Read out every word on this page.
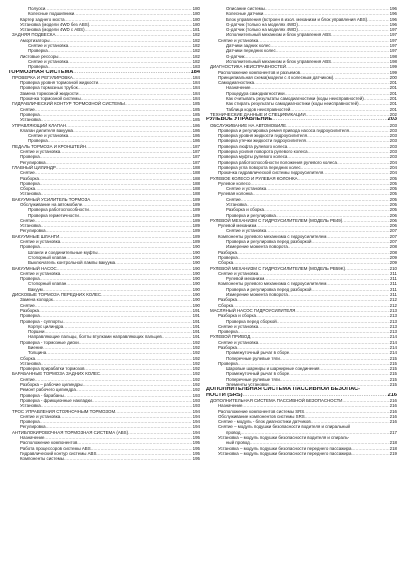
Полуоси .....	180
Колесные подшипники .....	180
Картер заднего моста .....	180
Установка (модели 4WD без ABS) .....	180
Установка (модели 4WD с ABS) .....	181
ЗАДНЯЯ ПОДВЕСКА .....	182
Амортизаторы .....	182
Снятие и установка .....	182
Проверка .....	182
Листовые рессоры .....	182
Снятие и установка .....	182
Проверка .....	183
ТОРМОЗНАЯ СИСТЕМА .....	184
ПРОВЕРКА И РЕГУЛИРОВКА .....	184
Проверка уровня тормозной жидкости .....	184
Проверка тормозных трубок .....	184
Замена тормозной жидкости .....	184
Прокачка тормозной системы .....	184
ГИДРАВЛИЧЕСКИЙ КОНТУР ТОРМОЗНОЙ СИСТЕМЫ .....	185
Снятие .....	185
Проверка .....	185
Установка .....	185
УПРАВЛЯЮЩИЙ КЛАПАН .....	186
Клапан дилителя вакуума .....	186
Снятие и установка .....	186
Проверка .....	186
ПЕДАЛЬ ТОРМОЗА И КРОНШТЕЙН .....	187
Снятие и установка .....	187
Проверка .....	187
Регулировка .....	187
ГЛАВНЫЙ ЦИЛИНДР .....	188
Снятие .....	188
Разборка .....	188
Проверка .....	188
Сборка .....	188
Установка .....	188
ВАКУУМНЫЙ УСИЛИТЕЛЬ ТОРМОЗА .....	189
Обслуживание на автомобиле .....	189
Проверка работоспособности .....	189
Проверка герметичности .....	189
Снятие .....	189
Установка .....	189
Регулировка .....	189
ВАКУУМНЫЕ ШЛАНГИ .....	189
Снятие и установка .....	189
Проверка .....	190
Шланги и соединительные муфты .....	190
Стопорный клапан .....	190
Выключатель контрольной лампы вакуума .....	190
ВАКУУМНЫЙ НАСОС .....	190
Снятие и установка .....	190
Проверка .....	190
Стопорный клапан .....	190
Вакуум .....	190
ДИСКОВЫЕ ТОРМОЗА ПЕРЕДНИХ КОЛЕС .....	190
Замена колодок .....	190
Снятие .....	190
Разборка .....	191
Проверка .....	191
Проверка - суппорты .....	191
Корпус цилиндра .....	191
Поршни .....	191
Направляющие пальцы, болты втулками направляющих пальцев .....	191
Проверка - тормозные диски .....	192
Биение .....	192
Толщина .....	192
Сборка .....	192
Установка .....	192
Проверка прирабатки тормозов .....	192
БАРАБАННЫЕ ТОРМОЗА ЗАДНИХ КОЛЕС .....	192
Снятие .....	192
Разборка – рабочие цилиндры .....	192
Ремонт рабочего цилиндра .....	192
Проверка - барабаны .....	193
Проверка - фрикционные накладки .....	193
Установка .....	193
ТРОС УПРАВЛЕНИЯ СТОЯНОЧНЫМ ТОРМОЗОМ .....	194
Снятие и установка .....	194
Проверка .....	194
Регулировка .....	194
АНТИБЛОКИРОВОЧНАЯ ТОРМОЗНАЯ СИСТЕМА (ABS) .....	194
Назначение .....	195
Расположение компонентов .....	195
Работа процессоров системы ABS .....	195
Гидравлический контур системы ABS .....	195
Компоненты системы .....	195
Описание системы .....	196
Колесные датчики .....	196
Блок управления (встроен в изол. механизм и блок управления ABS) .....	196
G-датчик (только на моделях 4WD) .....	196
G-датчик (только на моделях 4WD) .....	197
Исполнительный механизм и блок управления ABS .....	197
Снятие и установка .....	197
Датчики задних колес .....	197
Датчики передних колес .....	197
G-датчик .....	198
Исполнительный механизм и блок управления ABS .....	198
ДИАГНОСТИКА НЕИСПРАВНОСТЕЙ .....	199
Расположение компонентов и разъемов .....	199
Принципиальная схема(модели с 4 колесным датчиком) .....	200
Самодиагностика .....	201
Назначение .....	201
Процедура самодиагностики .....	201
Как считывать результаты самодиагностики (коды неисправностей) .....	201
Как стирать результаты самодиагностики (коды неисправностей) .....	201
Таблица кодов неисправностей .....	201
ТЕХНИЧЕСКИЕ ДАННЫЕ И СПЕЦИФИКАЦИИ .....	202
РУЛЕВОЕ УПРАВЛЕНИЕ .....	203
ОБСЛУЖИВАНИЕ НА АВТОМОБИЛЕ .....	203
Проверка и регулировка ремня привода насоса гидроусилителя .....	203
Проверка уровня жидкости гидроусилителя .....	203
Проверка утечки жидкости гидроусилителя .....	203
Проверка люфта рулевого колеса .....	203
Проверка усилия поворота рулевого колеса .....	203
Проверка муфты рулевого колеса .....	203
Проверка работоспособности положения рулевого колеса .....	204
Проверка угла поворота передних колес .....	204
Прокачка гидравлической системы гидроусилителя .....	204
РУЛЕВОЕ КОЛЕСО И РУЛЕВАЯ КОЛОНКА .....	205
Рулевое колесо .....	205
Снятие и установка .....	205
Рулевая колонка .....	205
Снятие .....	205
Установка .....	205
Разборка и сборка .....	205
Проверка и регулировка .....	206
РУЛЕВОЙ МЕХАНИЗМ С ГИДРОУСИЛИТЕЛЕМ (МОДЕЛЬ PB49) .....	206
Рулевой механизм .....	206
Снятие и установка .....	207
Компоненты рулевого механизма с гидроусилителем .....	207
Проверка и регулировка перед разборкой .....	207
Измерение момента поворота .....	208
Разборка .....	208
Проверка .....	209
Сборка .....	209
РУЛЕВОЙ МЕХАНИЗМ С ГИДРОУСИЛИТЕЛЕМ (МОДЕЛЬ PB59K) .....	210
Снятие и установка .....	211
Рулевой механизм .....	211
Компоненты рулевого механизма с гидроусилителем .....	211
Проверка и регулировка перед разборкой .....	211
Измерение момента поворота .....	211
Разборка .....	212
Сборка .....	212
МАСЛЯНЫЙ НАСОС ГИДРОУСИЛИТЕЛЯ .....	213
Разборка и сборка .....	213
Проверка перед сборкой .....	213
Снятие и установка .....	213
Проверка .....	213
РУЛЕВОЙ ПРИВОД .....	214
Снятие и установка .....	214
Разборка .....	214
Промежуточный рычаг в сборе .....	214
Поперечные рулевые тяги .....	215
Проверка .....	215
Шаровые шарниры и шарнирные соединения .....	215
Промежуточный рычаг в сборе .....	215
Поперечные рулевые тяги .....	215
Элементы установки .....	215
ДОПОЛНИТЕЛЬНАЯ СИСТЕМА ПАССИВНОЙ БЕЗОПАС-
НОСТИ (SRS) .....	216
ДОПОЛНИТЕЛЬНАЯ СИСТЕМА ПАССИВНОЙ БЕЗОПАСНОСТИ .....	216
Назначение .....	216
Расположение компонентов системы SRS .....	216
Обслуживание компонентов системы SRS .....	216
Снятие - модуль - блок диагностики датчиков .....	216
Снятие – модуль подушки безопасности водителя и спиральный
провод .....	217
Установка – модуль подушки безопасности водителя и спираль-
ный провод .....	218
Установка – модуль подушки безопасности переднего пассажира .....	218
Установка – модуль подушки безопасности переднего пассажира .....	219
